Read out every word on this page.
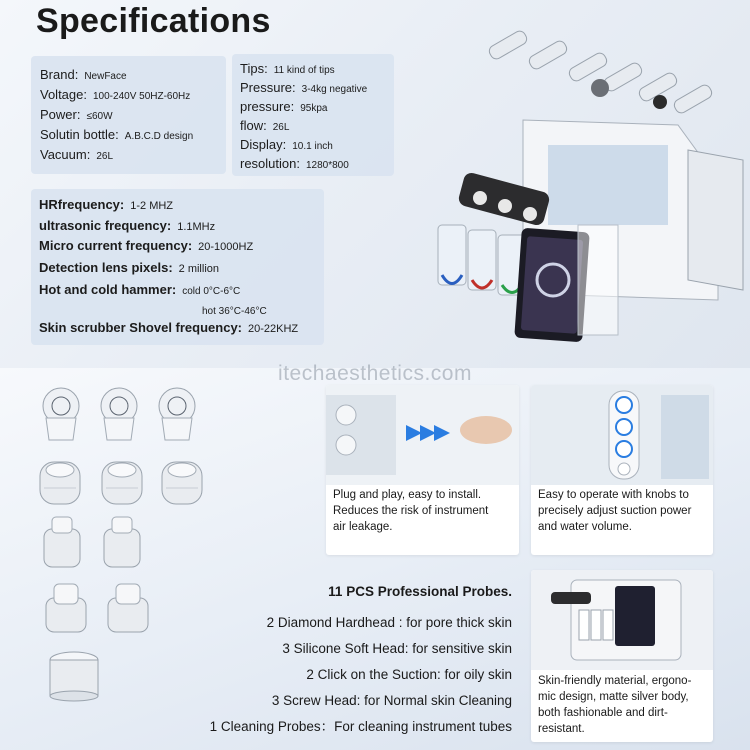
Specifications
Brand: NewFace
Voltage: 100-240V 50HZ-60Hz
Power: ≤60W
Solutin bottle: A.B.C.D design
Vacuum: 26L
Tips: 11 kind of tips
Pressure: 3-4kg negative
pressure: 95kpa
flow: 26L
Display: 10.1 inch
resolution: 1280*800
HRfrequency: 1-2 MHZ
ultrasonic frequency: 1.1MHz
Micro current frequency: 20-1000HZ
Detection lens pixels: 2 million
Hot and cold hammer: cold 0°C-6°C
hot 36°C-46°C
Skin scrubber Shovel frequency: 20-22KHZ
itechaesthetics.com
Plug and play, easy to install.
Reduces the risk of instrument
air leakage.
Easy to operate with knobs to
precisely adjust suction power
and water volume.
Skin-friendly material, ergono-
mic design, matte silver body,
both fashionable and dirt-
resistant.
11 PCS Professional Probes.
2 Diamond Hardhead : for pore thick skin
3 Silicone Soft Head: for sensitive skin
2 Click on the Suction: for oily skin
3 Screw Head: for Normal skin Cleaning
1 Cleaning Probes：For cleaning instrument tubes
